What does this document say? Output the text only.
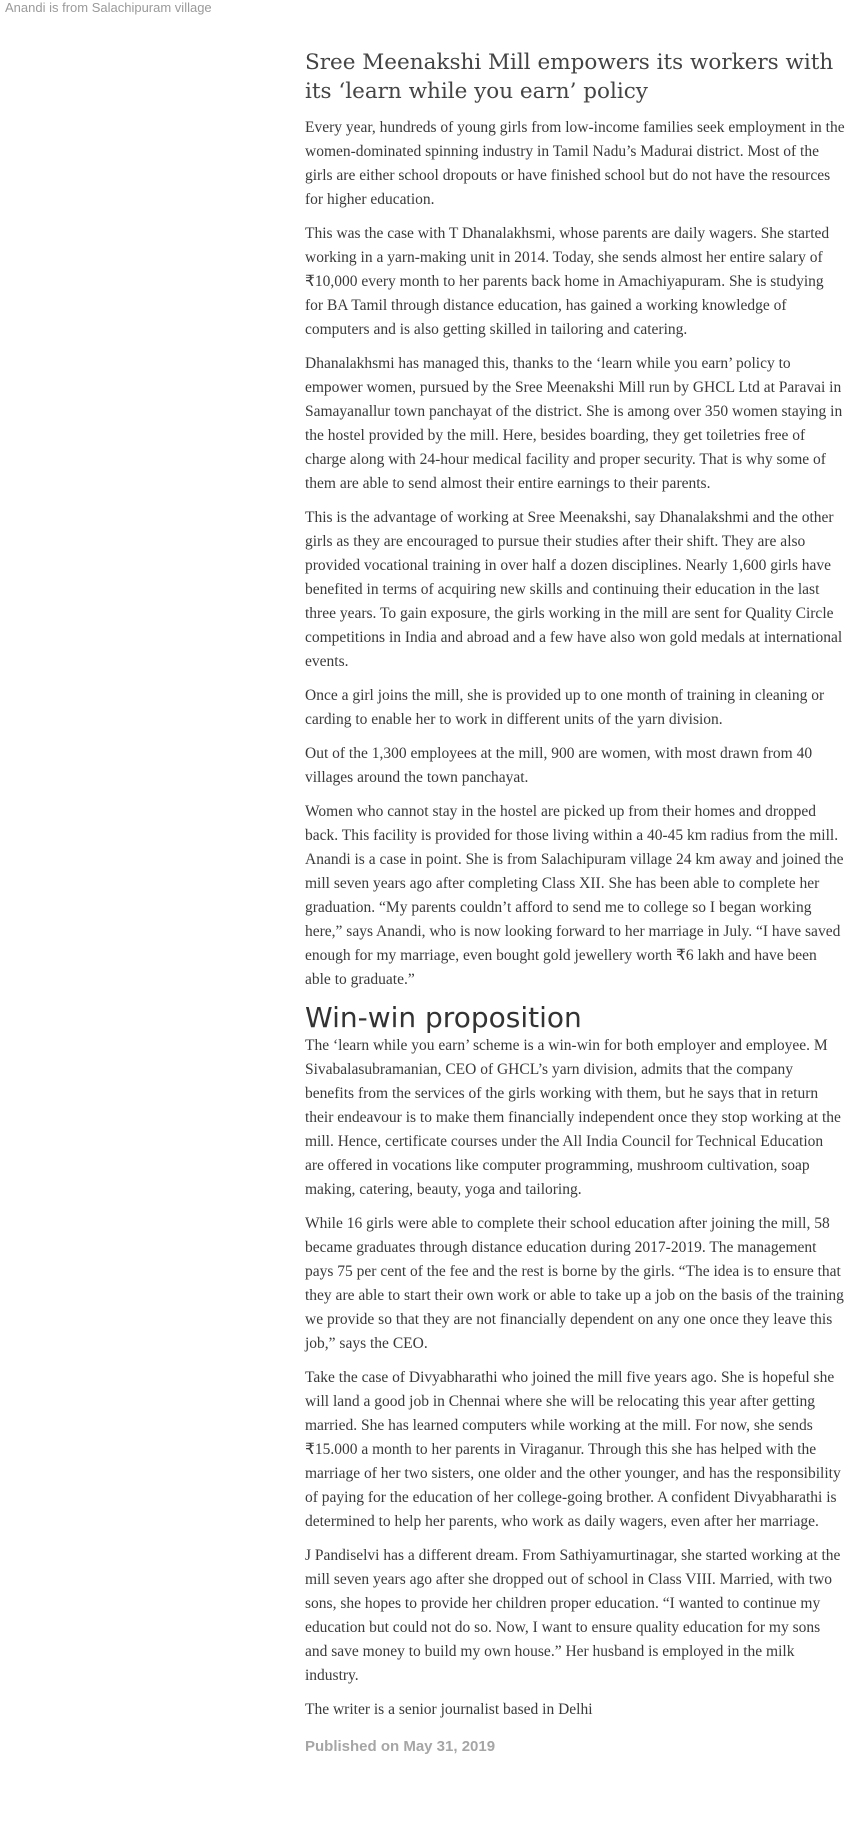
Anandi is from Salachipuram village
Sree Meenakshi Mill empowers its workers with its ‘learn while you earn’ policy

Every year, hundreds of young girls from low-income families seek employment in the women-dominated spinning industry in Tamil Nadu’s Madurai district. Most of the girls are either school dropouts or have finished school but do not have the resources for higher education.

This was the case with T Dhanalakhsmi, whose parents are daily wagers. She started working in a yarn-making unit in 2014. Today, she sends almost her entire salary of ₹10,000 every month to her parents back home in Amachiyapuram. She is studying for BA Tamil through distance education, has gained a working knowledge of computers and is also getting skilled in tailoring and catering.

Dhanalakhsmi has managed this, thanks to the ‘learn while you earn’ policy to empower women, pursued by the Sree Meenakshi Mill run by GHCL Ltd at Paravai in Samayanallur town panchayat of the district. She is among over 350 women staying in the hostel provided by the mill. Here, besides boarding, they get toiletries free of charge along with 24-hour medical facility and proper security. That is why some of them are able to send almost their entire earnings to their parents.

This is the advantage of working at Sree Meenakshi, say Dhanalakshmi and the other girls as they are encouraged to pursue their studies after their shift. They are also provided vocational training in over half a dozen disciplines. Nearly 1,600 girls have benefited in terms of acquiring new skills and continuing their education in the last three years. To gain exposure, the girls working in the mill are sent for Quality Circle competitions in India and abroad and a few have also won gold medals at international events.

Once a girl joins the mill, she is provided up to one month of training in cleaning or carding to enable her to work in different units of the yarn division.

Out of the 1,300 employees at the mill, 900 are women, with most drawn from 40 villages around the town panchayat.

Women who cannot stay in the hostel are picked up from their homes and dropped back. This facility is provided for those living within a 40-45 km radius from the mill. Anandi is a case in point. She is from Salachipuram village 24 km away and joined the mill seven years ago after completing Class XII. She has been able to complete her graduation. “My parents couldn’t afford to send me to college so I began working here,” says Anandi, who is now looking forward to her marriage in July. “I have saved enough for my marriage, even bought gold jewellery worth ₹6 lakh and have been able to graduate.”

Win-win proposition

The ‘learn while you earn’ scheme is a win-win for both employer and employee. M Sivabalasubramanian, CEO of GHCL’s yarn division, admits that the company benefits from the services of the girls working with them, but he says that in return their endeavour is to make them financially independent once they stop working at the mill. Hence, certificate courses under the All India Council for Technical Education are offered in vocations like computer programming, mushroom cultivation, soap making, catering, beauty, yoga and tailoring.

While 16 girls were able to complete their school education after joining the mill, 58 became graduates through distance education during 2017-2019. The management pays 75 per cent of the fee and the rest is borne by the girls. “The idea is to ensure that they are able to start their own work or able to take up a job on the basis of the training we provide so that they are not financially dependent on any one once they leave this job,” says the CEO.

Take the case of Divyabharathi who joined the mill five years ago. She is hopeful she will land a good job in Chennai where she will be relocating this year after getting married. She has learned computers while working at the mill. For now, she sends ₹15.000 a month to her parents in Viraganur. Through this she has helped with the marriage of her two sisters, one older and the other younger, and has the responsibility of paying for the education of her college-going brother. A confident Divyabharathi is determined to help her parents, who work as daily wagers, even after her marriage.

J Pandiselvi has a different dream. From Sathiyamurtinagar, she started working at the mill seven years ago after she dropped out of school in Class VIII. Married, with two sons, she hopes to provide her children proper education. “I wanted to continue my education but could not do so. Now, I want to ensure quality education for my sons and save money to build my own house.” Her husband is employed in the milk industry.

The writer is a senior journalist based in Delhi

Published on May 31, 2019
